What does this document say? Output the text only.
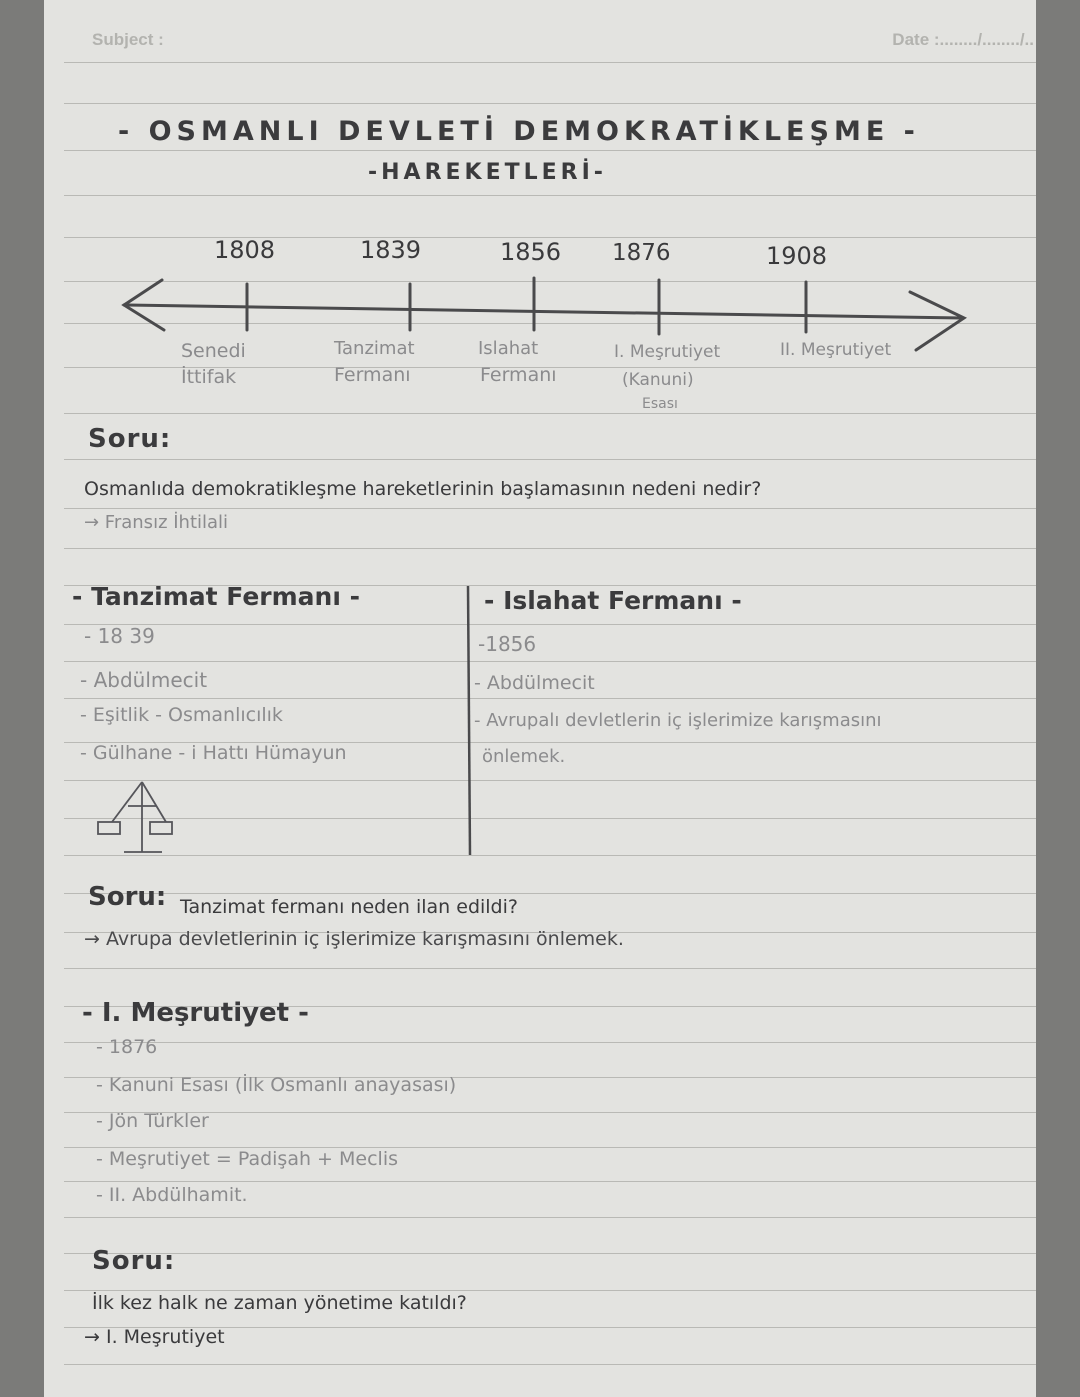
Subject :	Date :......../......../..
- OSMANLI DEVLETİ DEMOKRATİKLEŞME -
-HAREKETLERİ-
1808	1839	1856 1876	1908
Senedi
İttifak
Tanzimat
Fermanı
Islahat
Fermanı
I. Meşrutiyet
(Kanuni)
Esası
II. Meşrutiyet
Soru:
Osmanlıda demokratikleşme hareketlerinin başlamasının nedeni nedir?
→ Fransız İhtilali
- Tanzimat Fermanı -
- 18 39
- Abdülmecit
- Eşitlik - Osmanlıcılık
- Gülhane - i Hattı Hümayun
- Islahat Fermanı -
-1856
- Abdülmecit
- Avrupalı devletlerin iç işlerimize karışmasını
önlemek.
Soru: Tanzimat fermanı neden ilan edildi?
→ Avrupa devletlerinin iç işlerimize karışmasını önlemek.
- I. Meşrutiyet -
- 1876
- Kanuni Esası (İlk Osmanlı anayasası)
- Jön Türkler
- Meşrutiyet = Padişah + Meclis
- II. Abdülhamit.
Soru:
İlk kez halk ne zaman yönetime katıldı?
→ I. Meşrutiyet
